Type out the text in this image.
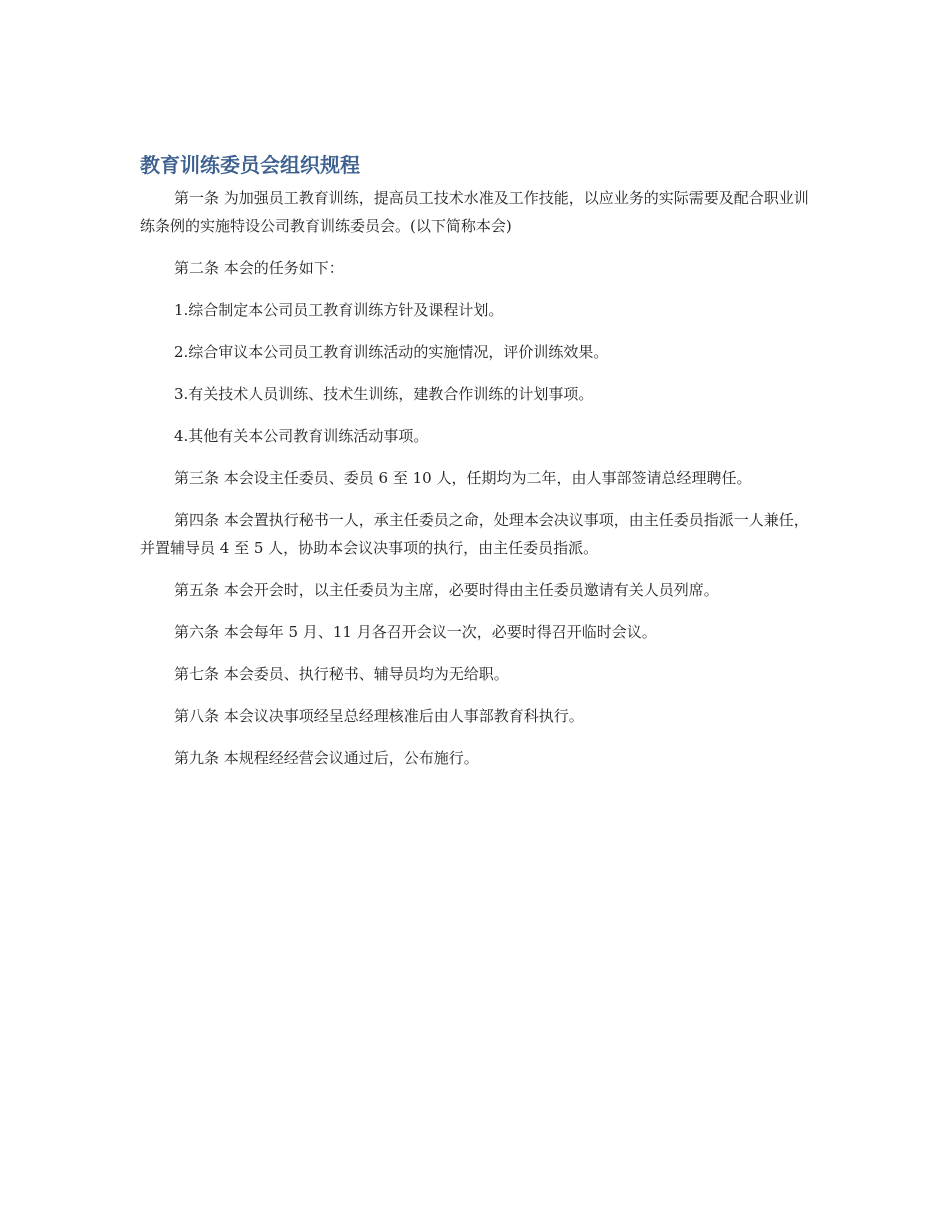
教育训练委员会组织规程

第一条 为加强员工教育训练，提高员工技术水准及工作技能，以应业务的实际需要及配合职业训练条例的实施特设公司教育训练委员会。(以下简称本会)

第二条 本会的任务如下：

1.综合制定本公司员工教育训练方针及课程计划。

2.综合审议本公司员工教育训练活动的实施情况，评价训练效果。

3.有关技术人员训练、技术生训练，建教合作训练的计划事项。

4.其他有关本公司教育训练活动事项。

第三条 本会设主任委员、委员 6 至 10 人，任期均为二年，由人事部签请总经理聘任。

第四条 本会置执行秘书一人，承主任委员之命，处理本会决议事项，由主任委员指派一人兼任，并置辅导员 4 至 5 人，协助本会议决事项的执行，由主任委员指派。

第五条 本会开会时，以主任委员为主席，必要时得由主任委员邀请有关人员列席。

第六条 本会每年 5 月、11 月各召开会议一次，必要时得召开临时会议。

第七条 本会委员、执行秘书、辅导员均为无给职。

第八条 本会议决事项经呈总经理核准后由人事部教育科执行。

第九条 本规程经经营会议通过后，公布施行。
